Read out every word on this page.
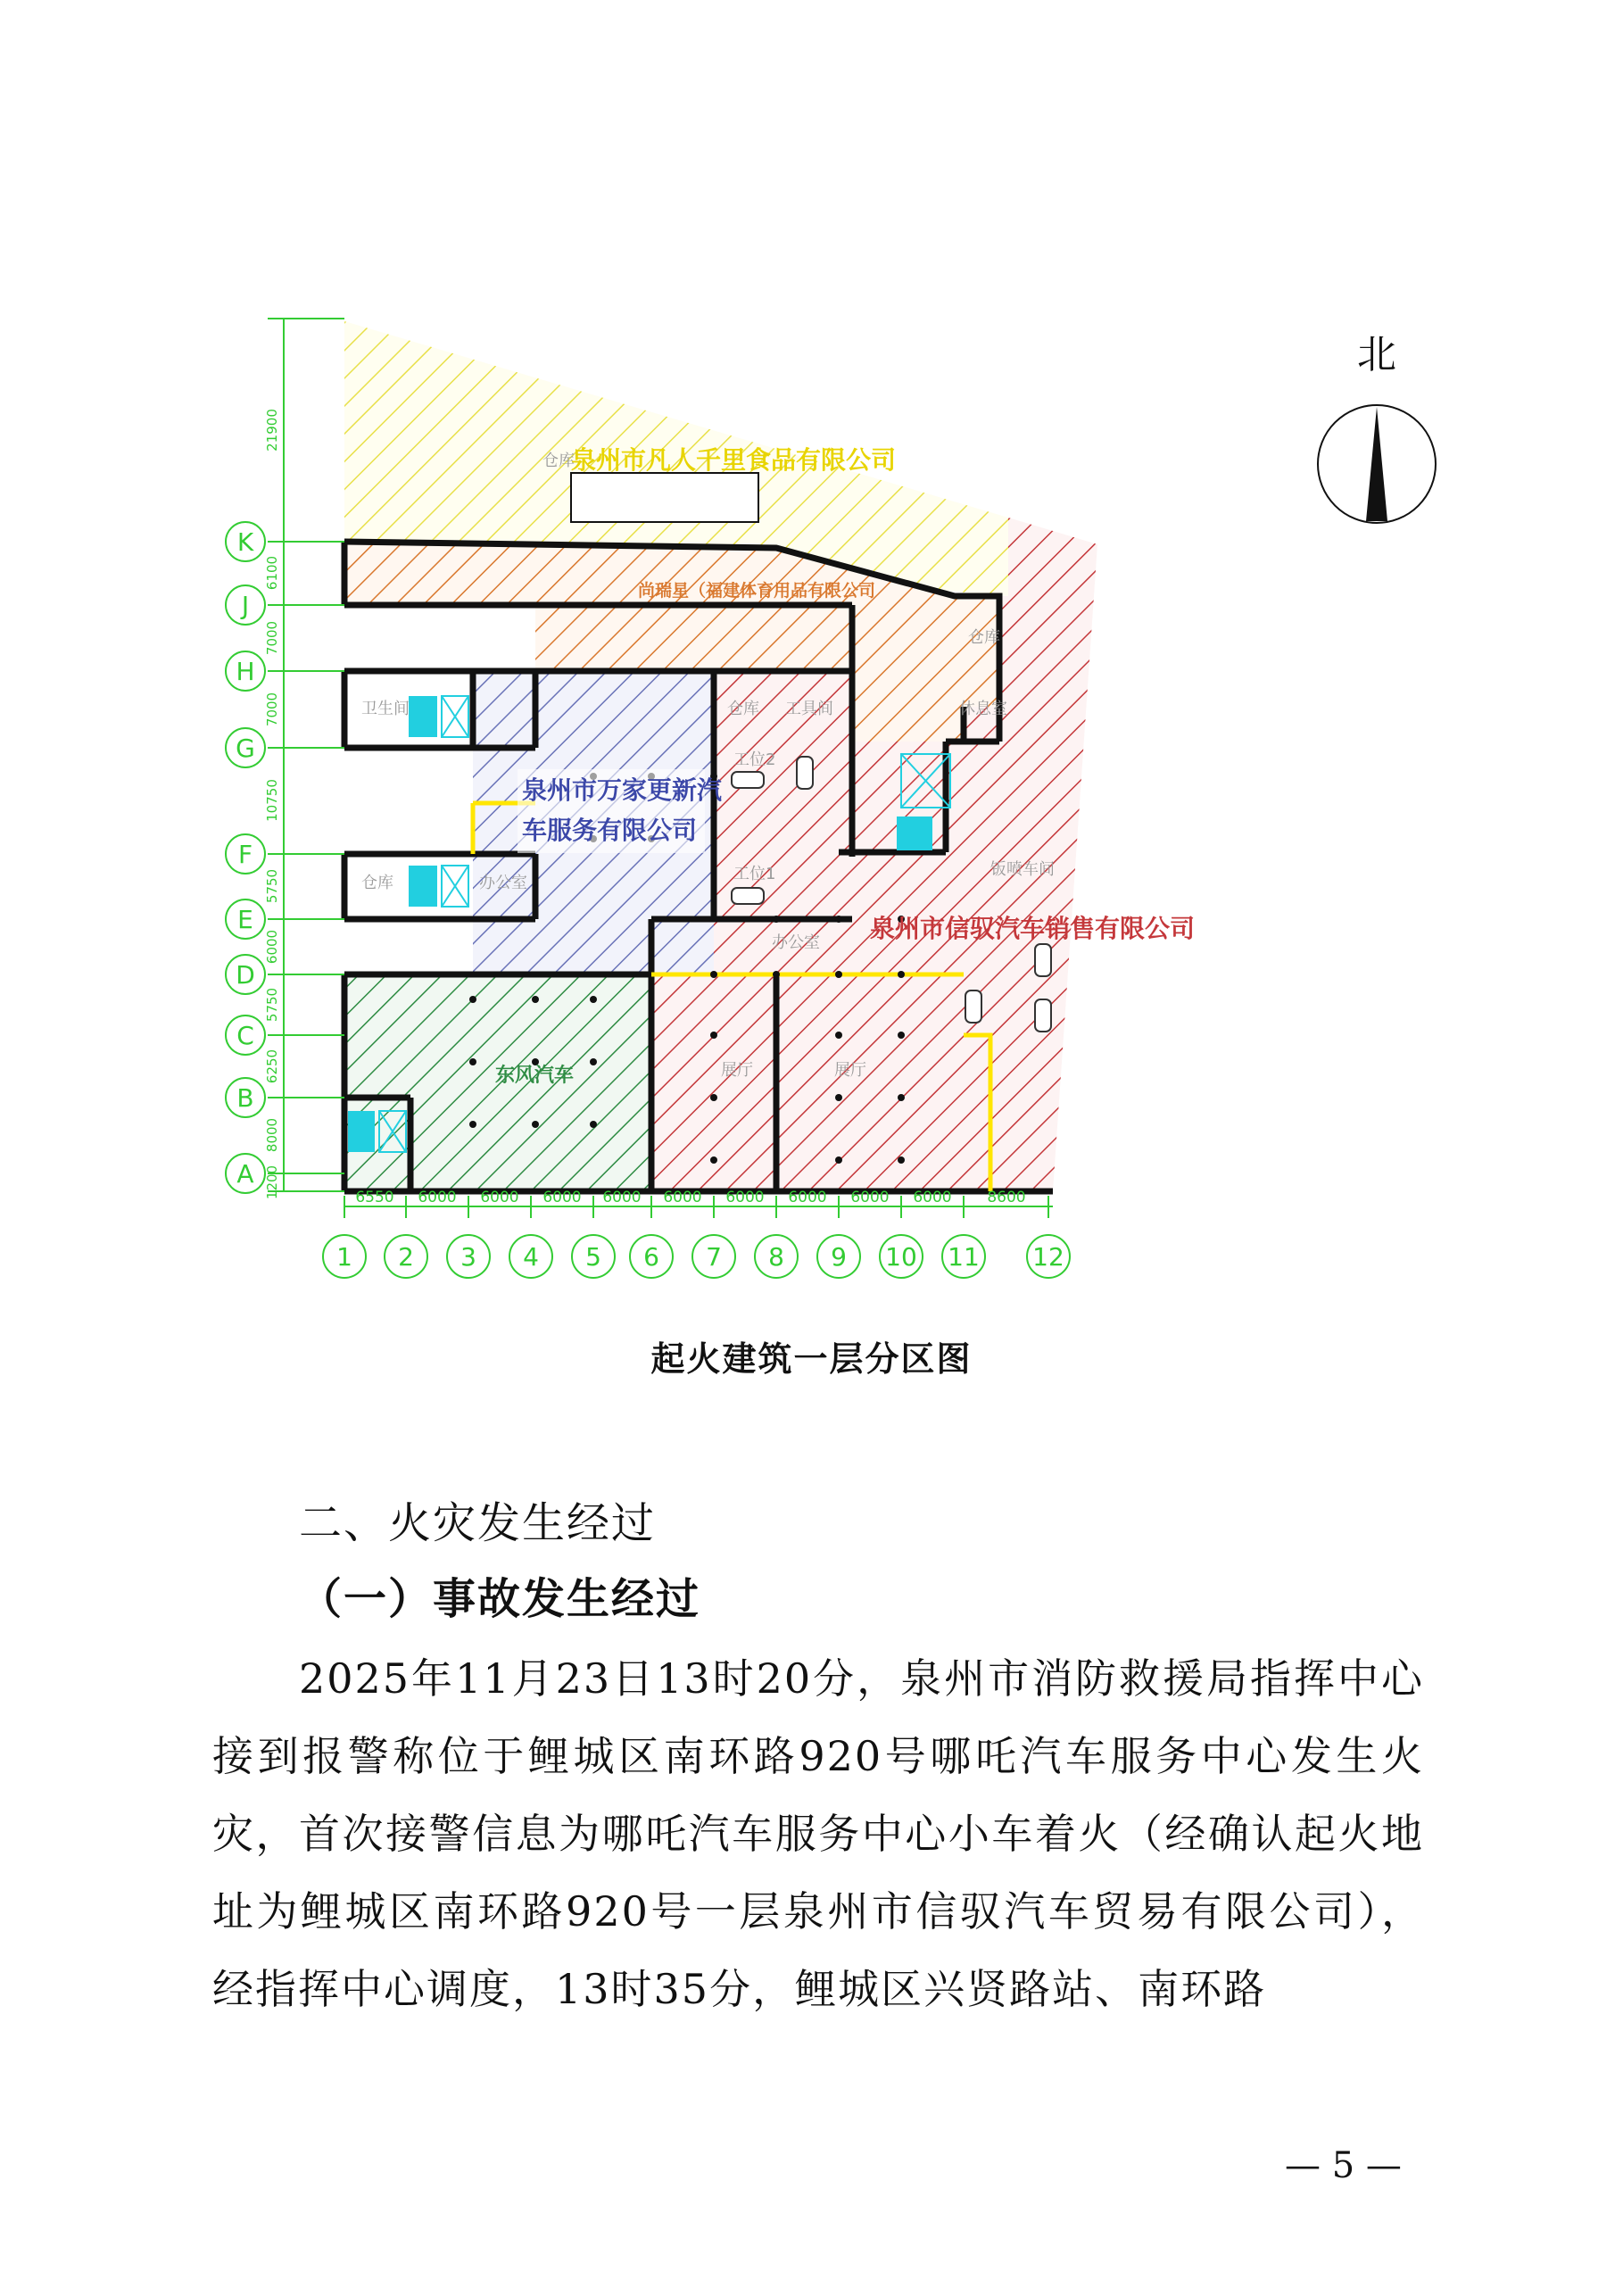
K
J
H
G
F
E
D
C
B
A
21900
6100
7000
7000
10750
5750
6000
5750
6250
8000
1200	6550 6000 6000 6000 6000 6000 6000 6000 6000 6000 8600
1 2 3 4 5 6 7 8 9 10 11 12
泉州市凡人千里食品有限公司
尚瑞星（福建体育用品有限公司
泉州市万家更新汽
车服务有限公司
泉州市信驭汽车销售有限公司
东风汽车
仓库
卫生间
仓库	办公室
仓库 工具间
工位2
工位1
办公室
钣喷车间
展厅	展厅
仓库
休息室
北
起火建筑一层分区图
二、火灾发生经过
（一）事故发生经过
2025年11月23日13时20分，泉州市消防救援局指挥中心接到报警称位于鲤城区南环路920号哪吒汽车服务中心发生火灾，首次接警信息为哪吒汽车服务中心小车着火（经确认起火地址为鲤城区南环路920号一层泉州市信驭汽车贸易有限公司），经指挥中心调度，13时35分，鲤城区兴贤路站、南环路
— 5 —
